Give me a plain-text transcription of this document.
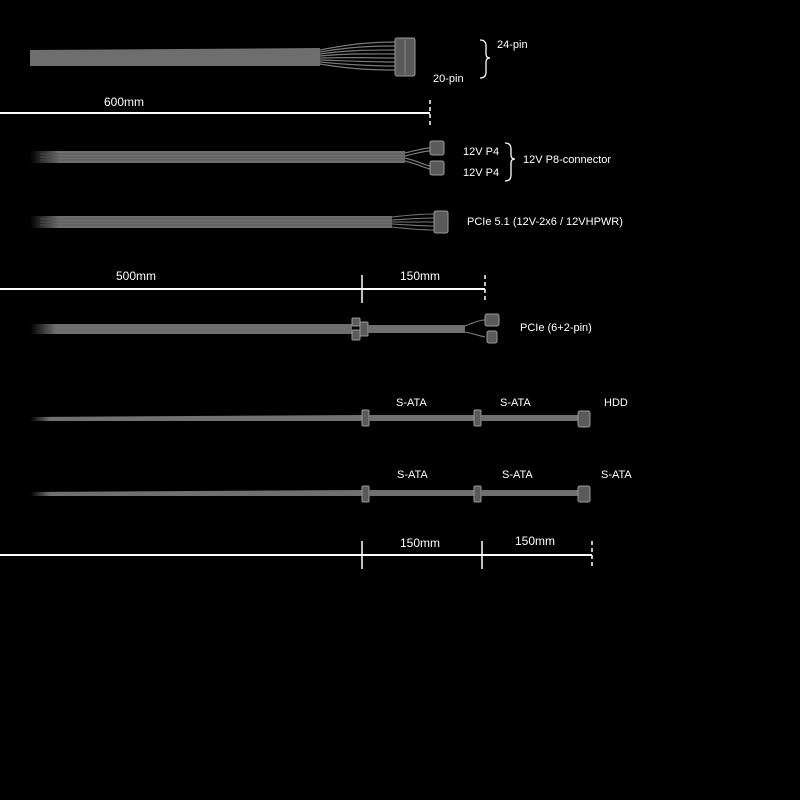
24-pin
20-pin
600mm
12V P4
12V P4
12V P8-connector
PCIe 5.1 (12V-2x6 / 12VHPWR)
500mm	150mm
PCIe (6+2-pin)
S-ATA	S-ATA	HDD
S-ATA	S-ATA	S-ATA
150mm	150mm
